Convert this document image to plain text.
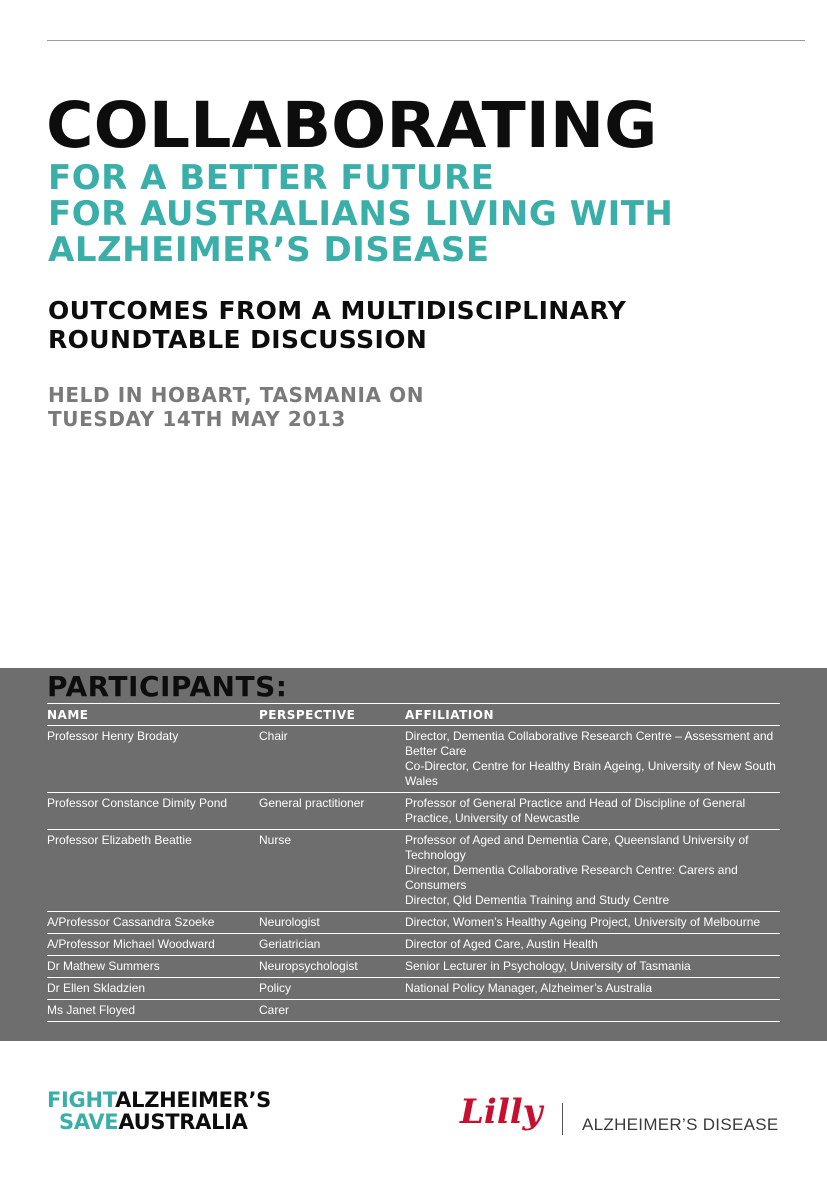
COLLABORATING
FOR A BETTER FUTURE
FOR AUSTRALIANS LIVING WITH
ALZHEIMER’S DISEASE
OUTCOMES FROM A MULTIDISCIPLINARY
ROUNDTABLE DISCUSSION
HELD IN HOBART, TASMANIA ON
TUESDAY 14TH MAY 2013
PARTICIPANTS:
NAME	PERSPECTIVE	AFFILIATION
Professor Henry Brodaty	Chair	Director, Dementia Collaborative Research Centre – Assessment and Better Care
Co-Director, Centre for Healthy Brain Ageing, University of New South Wales

Professor Constance Dimity Pond	General practitioner	Professor of General Practice and Head of Discipline of General Practice, University of Newcastle

Professor Elizabeth Beattie	Nurse	Professor of Aged and Dementia Care, Queensland University of Technology
Director, Dementia Collaborative Research Centre: Carers and Consumers
Director, Qld Dementia Training and Study Centre

A/Professor Cassandra Szoeke	Neurologist	Director, Women’s Healthy Ageing Project, University of Melbourne

A/Professor Michael Woodward	Geriatrician	Director of Aged Care, Austin Health

Dr Mathew Summers	Neuropsychologist	Senior Lecturer in Psychology, University of Tasmania

Dr Ellen Skladzien	Policy	National Policy Manager, Alzheimer’s Australia

Ms Janet Floyed	Carer	
FIGHTALZHEIMER’S
SAVEAUSTRALIA	Lilly ALZHEIMER’S DISEASE
